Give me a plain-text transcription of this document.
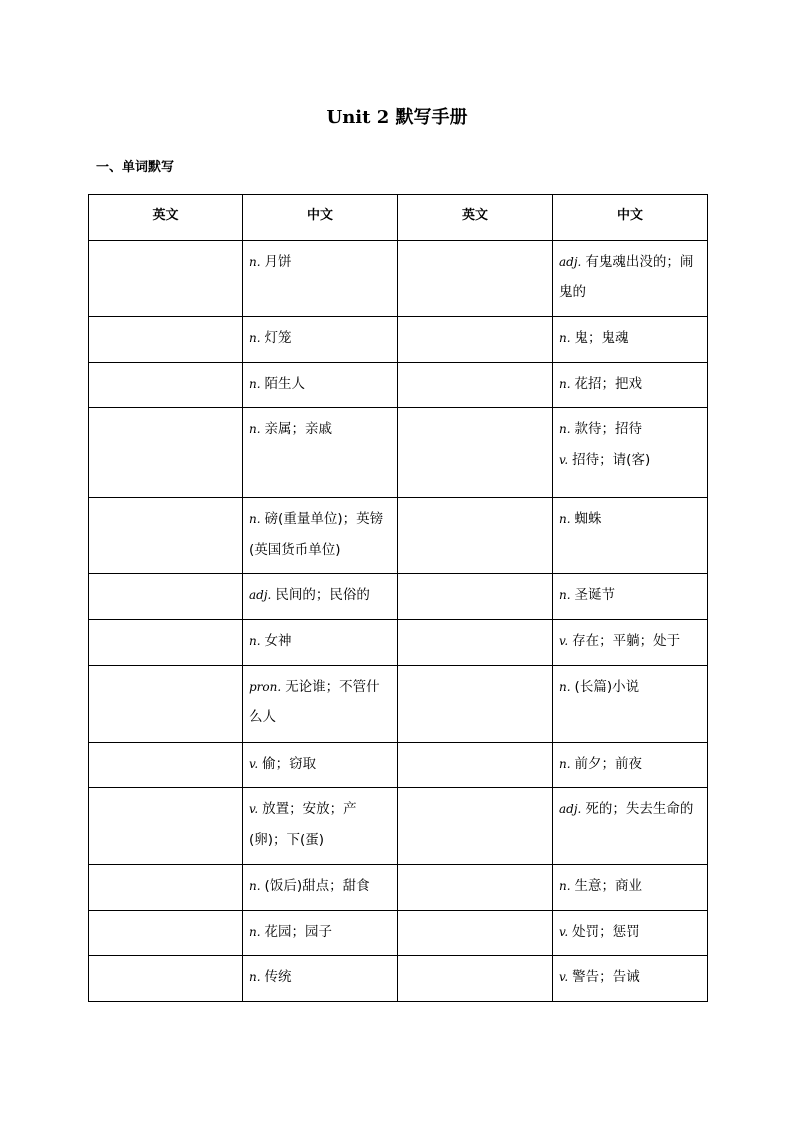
Unit 2 默写手册
一、单词默写
英文	中文	英文	中文

	n. 月饼		adj. 有鬼魂出没的；闹鬼的

	n. 灯笼		n. 鬼；鬼魂

	n. 陌生人		n. 花招；把戏

	n. 亲属；亲戚		n. 款待；招待
v. 招待；请(客)

	n. 磅(重量单位)；英镑(英国货币单位)		n. 蜘蛛

	adj. 民间的；民俗的		n. 圣诞节

	n. 女神		v. 存在；平躺；处于

	pron. 无论谁；不管什么人		n. (长篇)小说

	v. 偷；窃取		n. 前夕；前夜

	v. 放置；安放；产(卵)；下(蛋)		adj. 死的；失去生命的

	n. (饭后)甜点；甜食		n. 生意；商业

	n. 花园；园子		v. 处罚；惩罚

	n. 传统		v. 警告；告诫
